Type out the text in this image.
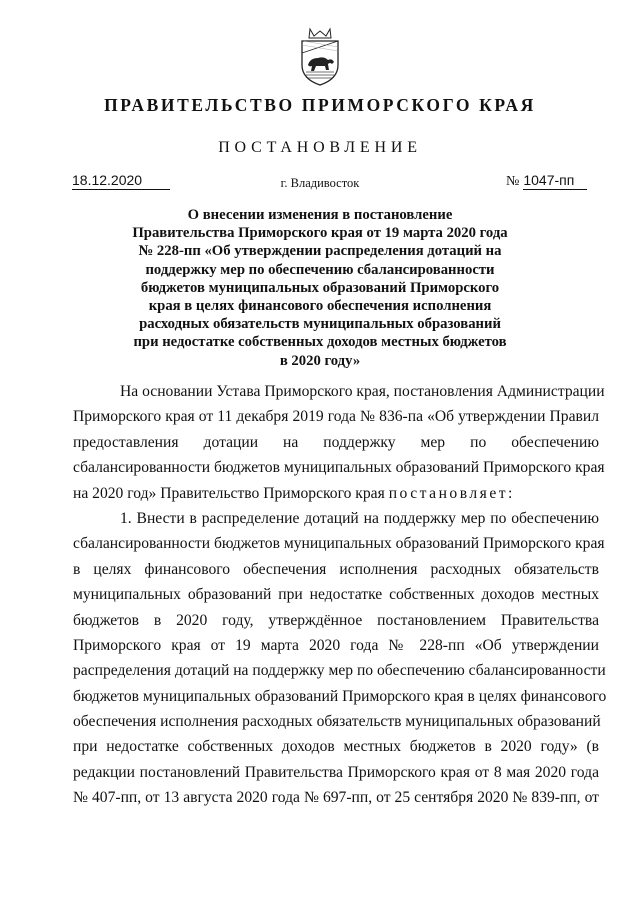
ПРАВИТЕЛЬСТВО ПРИМОРСКОГО КРАЯ
ПОСТАНОВЛЕНИЕ
18.12.2020	г. Владивосток	№ 1047-пп
О внесении изменения в постановление
Правительства Приморского края от 19 марта 2020 года
№ 228-пп «Об утверждении распределения дотаций на
поддержку мер по обеспечению сбалансированности
бюджетов муниципальных образований Приморского
края в целях финансового обеспечения исполнения
расходных обязательств муниципальных образований
при недостатке собственных доходов местных бюджетов
в 2020 году»
На основании Устава Приморского края, постановления Администрации
Приморского края от 11 декабря 2019 года № 836-па «Об утверждении Правил
предоставления дотации на поддержку мер по обеспечению
сбалансированности бюджетов муниципальных образований Приморского края
на 2020 год» Правительство Приморского края постановляет:
1. Внести в распределение дотаций на поддержку мер по обеспечению
сбалансированности бюджетов муниципальных образований Приморского края
в целях финансового обеспечения исполнения расходных обязательств
муниципальных образований при недостатке собственных доходов местных
бюджетов в 2020 году, утверждённое постановлением Правительства
Приморского края от 19 марта 2020 года № 228-пп «Об утверждении
распределения дотаций на поддержку мер по обеспечению сбалансированности
бюджетов муниципальных образований Приморского края в целях финансового
обеспечения исполнения расходных обязательств муниципальных образований
при недостатке собственных доходов местных бюджетов в 2020 году» (в
редакции постановлений Правительства Приморского края от 8 мая 2020 года
№ 407-пп, от 13 августа 2020 года № 697-пп, от 25 сентября 2020 № 839-пп, от
